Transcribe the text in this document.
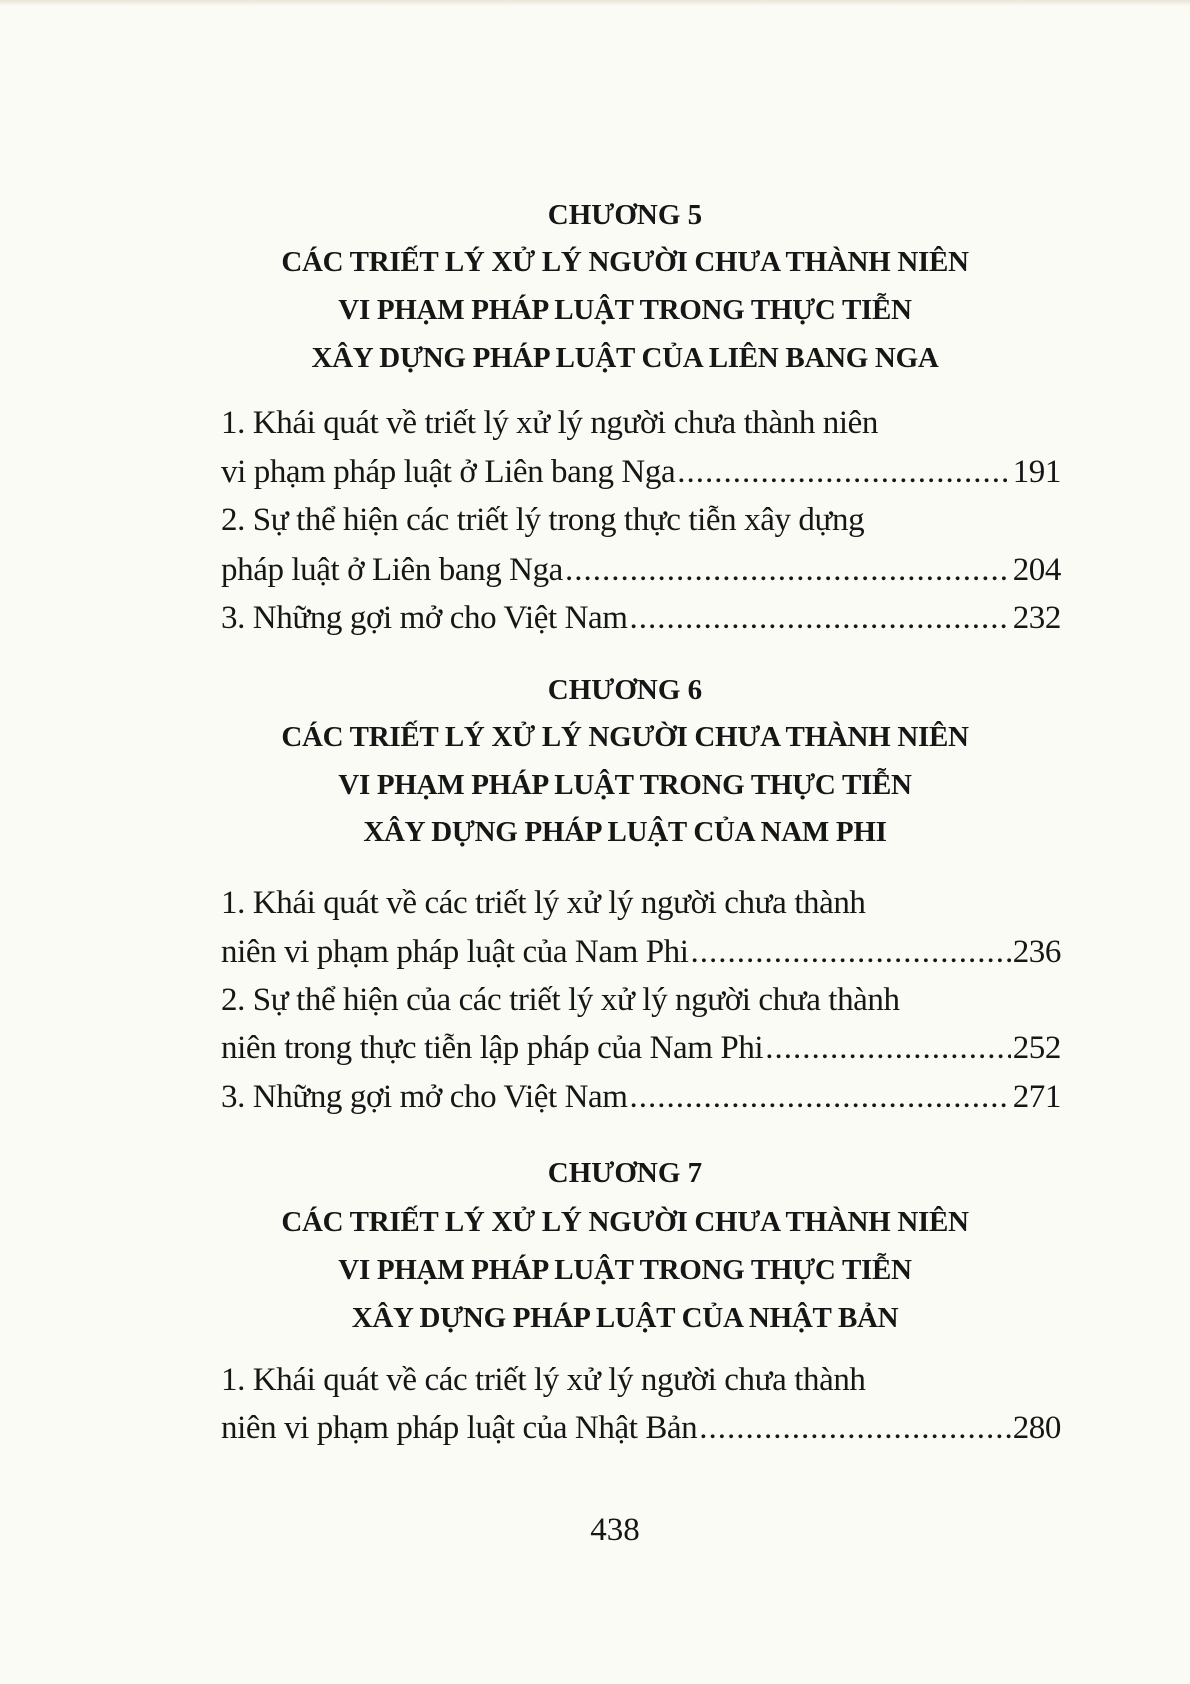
CHƯƠNG 5
CÁC TRIẾT LÝ XỬ LÝ NGƯỜI CHƯA THÀNH NIÊN
VI PHẠM PHÁP LUẬT TRONG THỰC TIỄN
XÂY DỰNG PHÁP LUẬT CỦA LIÊN BANG NGA
1. Khái quát về triết lý xử lý người chưa thành niên
vi phạm pháp luật ở Liên bang Nga .....	191
2. Sự thể hiện các triết lý trong thực tiễn xây dựng
pháp luật ở Liên bang Nga .....	204
3. Những gợi mở cho Việt Nam .....	232
CHƯƠNG 6
CÁC TRIẾT LÝ XỬ LÝ NGƯỜI CHƯA THÀNH NIÊN
VI PHẠM PHÁP LUẬT TRONG THỰC TIỄN
XÂY DỰNG PHÁP LUẬT CỦA NAM PHI
1. Khái quát về các triết lý xử lý người chưa thành
niên vi phạm pháp luật của Nam Phi .....	236
2. Sự thể hiện của các triết lý xử lý người chưa thành
niên trong thực tiễn lập pháp của Nam Phi .....	252
3. Những gợi mở cho Việt Nam .....	271
CHƯƠNG 7
CÁC TRIẾT LÝ XỬ LÝ NGƯỜI CHƯA THÀNH NIÊN
VI PHẠM PHÁP LUẬT TRONG THỰC TIỄN
XÂY DỰNG PHÁP LUẬT CỦA NHẬT BẢN
1. Khái quát về các triết lý xử lý người chưa thành
niên vi phạm pháp luật của Nhật Bản .....	280
438
